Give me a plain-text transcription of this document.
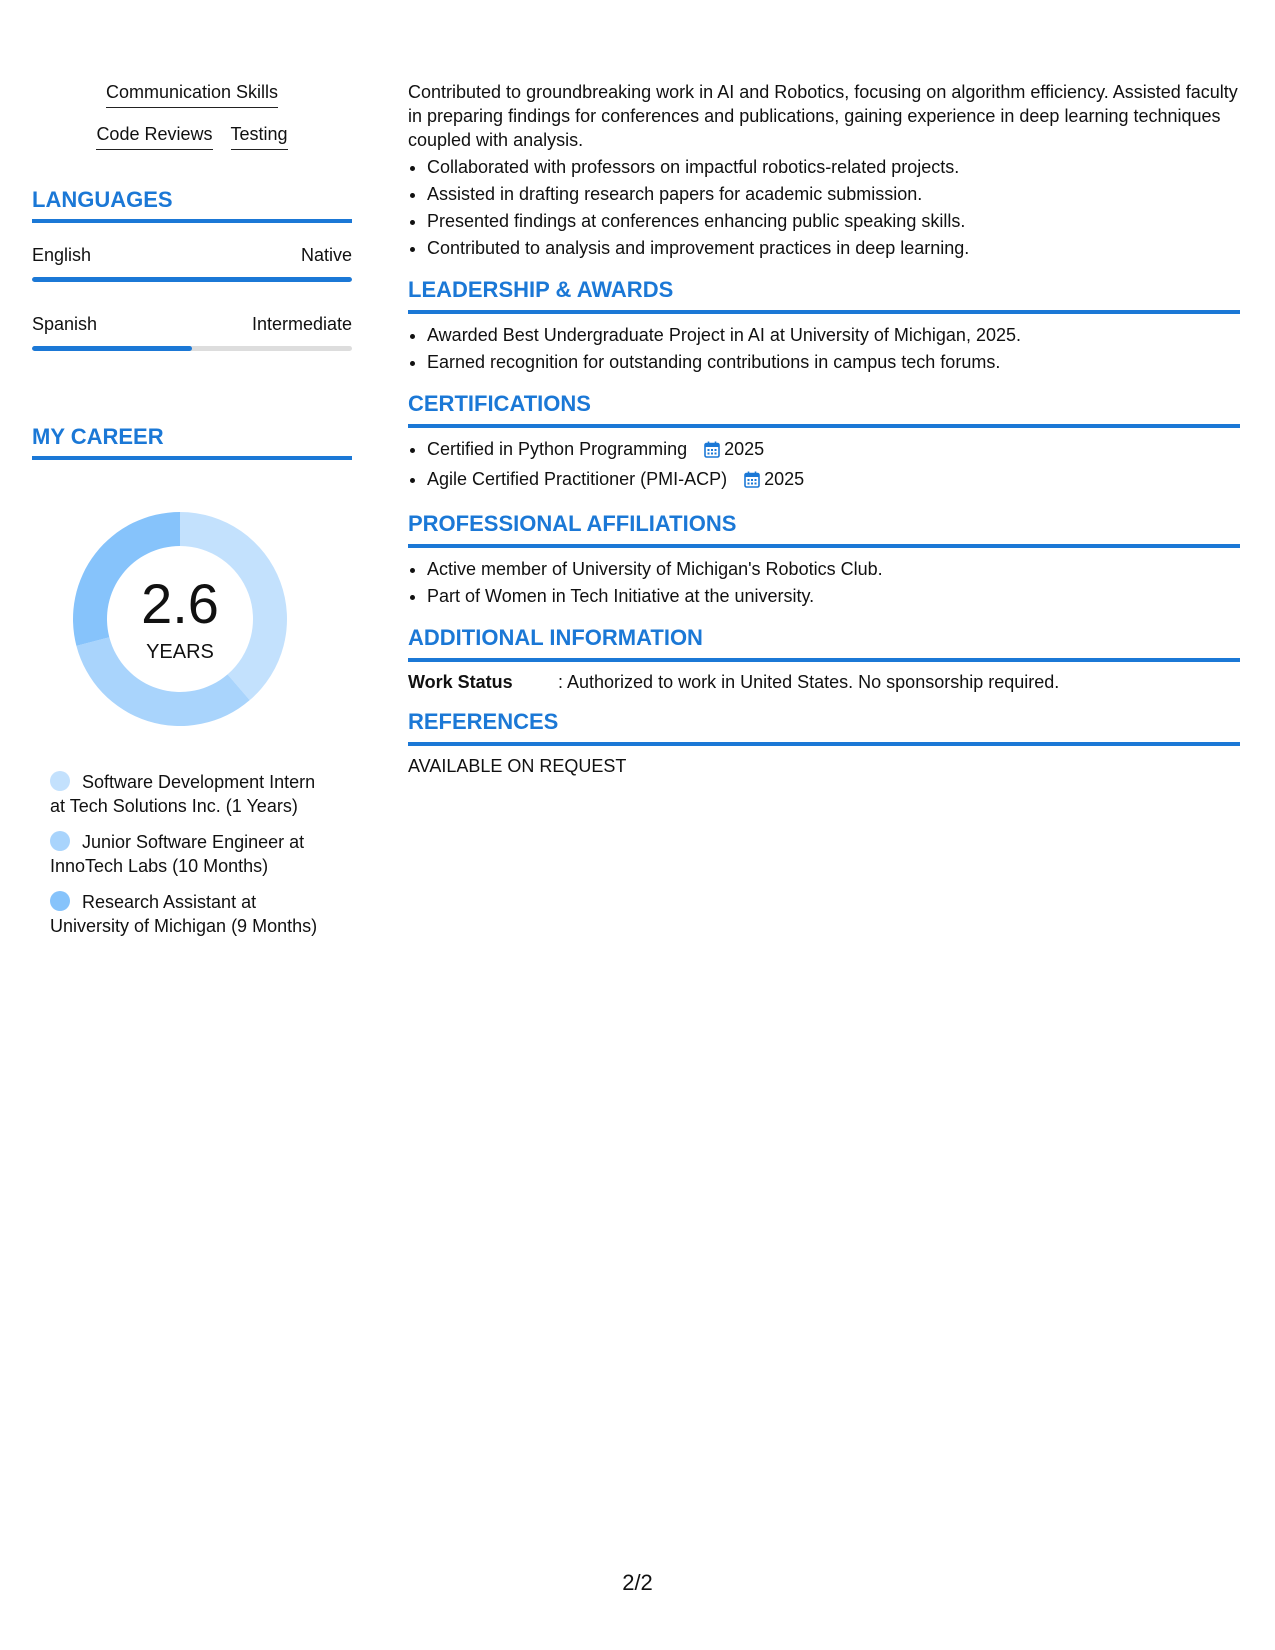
Communication Skills
Code Reviews Testing
LANGUAGES
English	Native
Spanish	Intermediate
MY CAREER
2.6
YEARS
Software Development Intern at Tech Solutions Inc. (1 Years)
Junior Software Engineer at InnoTech Labs (10 Months)
Research Assistant at University of Michigan (9 Months)

Contributed to groundbreaking work in AI and Robotics, focusing on algorithm efficiency. Assisted faculty in preparing findings for conferences and publications, gaining experience in deep learning techniques coupled with analysis.

• Collaborated with professors on impactful robotics-related projects.
• Assisted in drafting research papers for academic submission.
• Presented findings at conferences enhancing public speaking skills.
• Contributed to analysis and improvement practices in deep learning.
LEADERSHIP & AWARDS
• Awarded Best Undergraduate Project in AI at University of Michigan, 2025.
• Earned recognition for outstanding contributions in campus tech forums.
CERTIFICATIONS
• Certified in Python Programming 2025
• Agile Certified Practitioner (PMI-ACP) 2025
PROFESSIONAL AFFILIATIONS
• Active member of University of Michigan's Robotics Club.
• Part of Women in Tech Initiative at the university.
ADDITIONAL INFORMATION
Work Status	: Authorized to work in United States. No sponsorship required.
REFERENCES
AVAILABLE ON REQUEST
2/2
